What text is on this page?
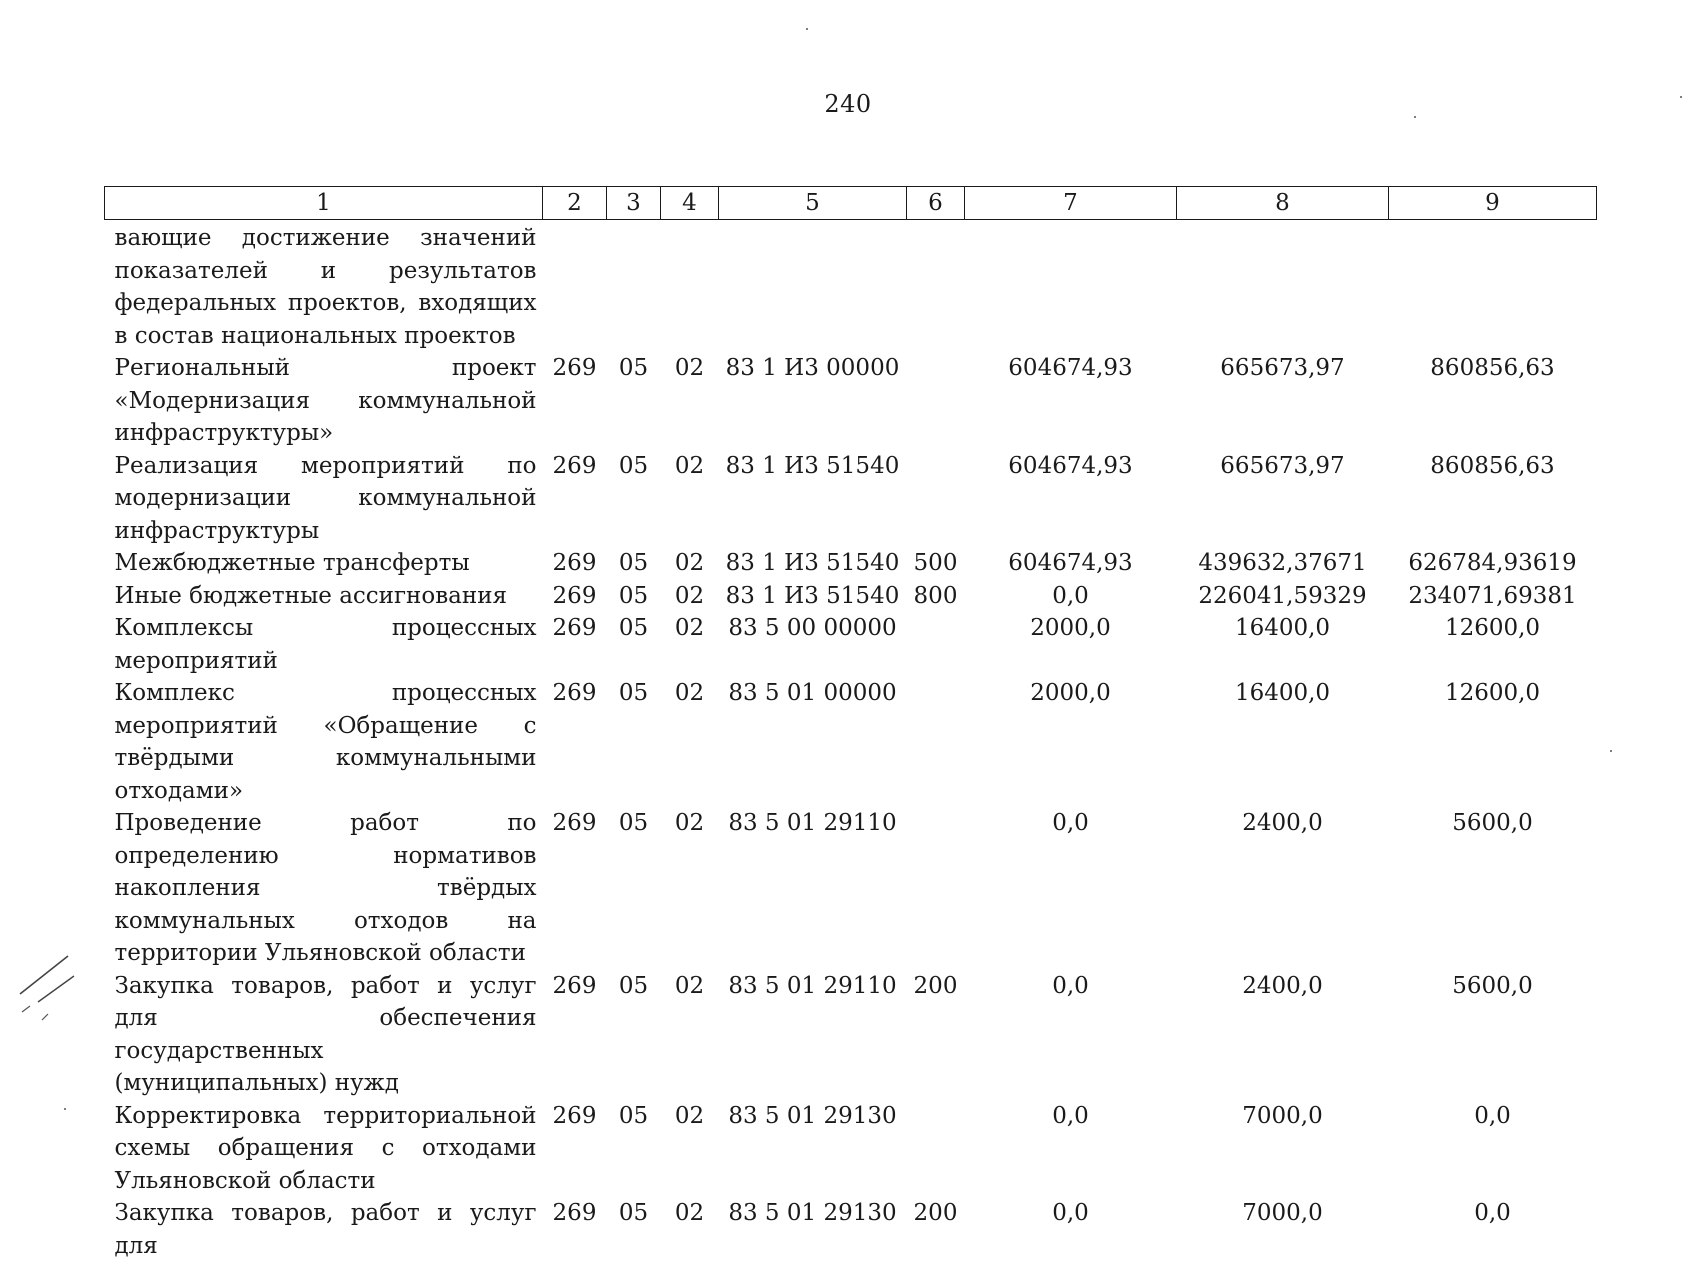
240
1	2	3	4	5	6	7	8	9
вающие достижение значений показателей и результатов федеральных проектов, входящих в состав национальных проектов								
Региональный проект «Модернизация коммунальной инфраструктуры»	269	05	02	83 1 И3 00000		604674,93	665673,97	860856,63
Реализация мероприятий по модернизации коммунальной инфраструктуры	269	05	02	83 1 И3 51540		604674,93	665673,97	860856,63
Межбюджетные трансферты	269	05	02	83 1 И3 51540	500	604674,93	439632,37671	626784,93619
Иные бюджетные ассигнования	269	05	02	83 1 И3 51540	800	0,0	226041,59329	234071,69381
Комплексы процессных мероприятий	269	05	02	83 5 00 00000		2000,0	16400,0	12600,0
Комплекс процессных мероприятий «Обращение с твёрдыми коммунальными отходами»	269	05	02	83 5 01 00000		2000,0	16400,0	12600,0
Проведение работ по определению нормативов накопления твёрдых коммунальных отходов на территории Ульяновской области	269	05	02	83 5 01 29110		0,0	2400,0	5600,0
Закупка товаров, работ и услуг для обеспечения государственных (муниципальных) нужд	269	05	02	83 5 01 29110	200	0,0	2400,0	5600,0
Корректировка территориальной схемы обращения с отходами Ульяновской области	269	05	02	83 5 01 29130		0,0	7000,0	0,0
Закупка товаров, работ и услуг для	269	05	02	83 5 01 29130	200	0,0	7000,0	0,0
